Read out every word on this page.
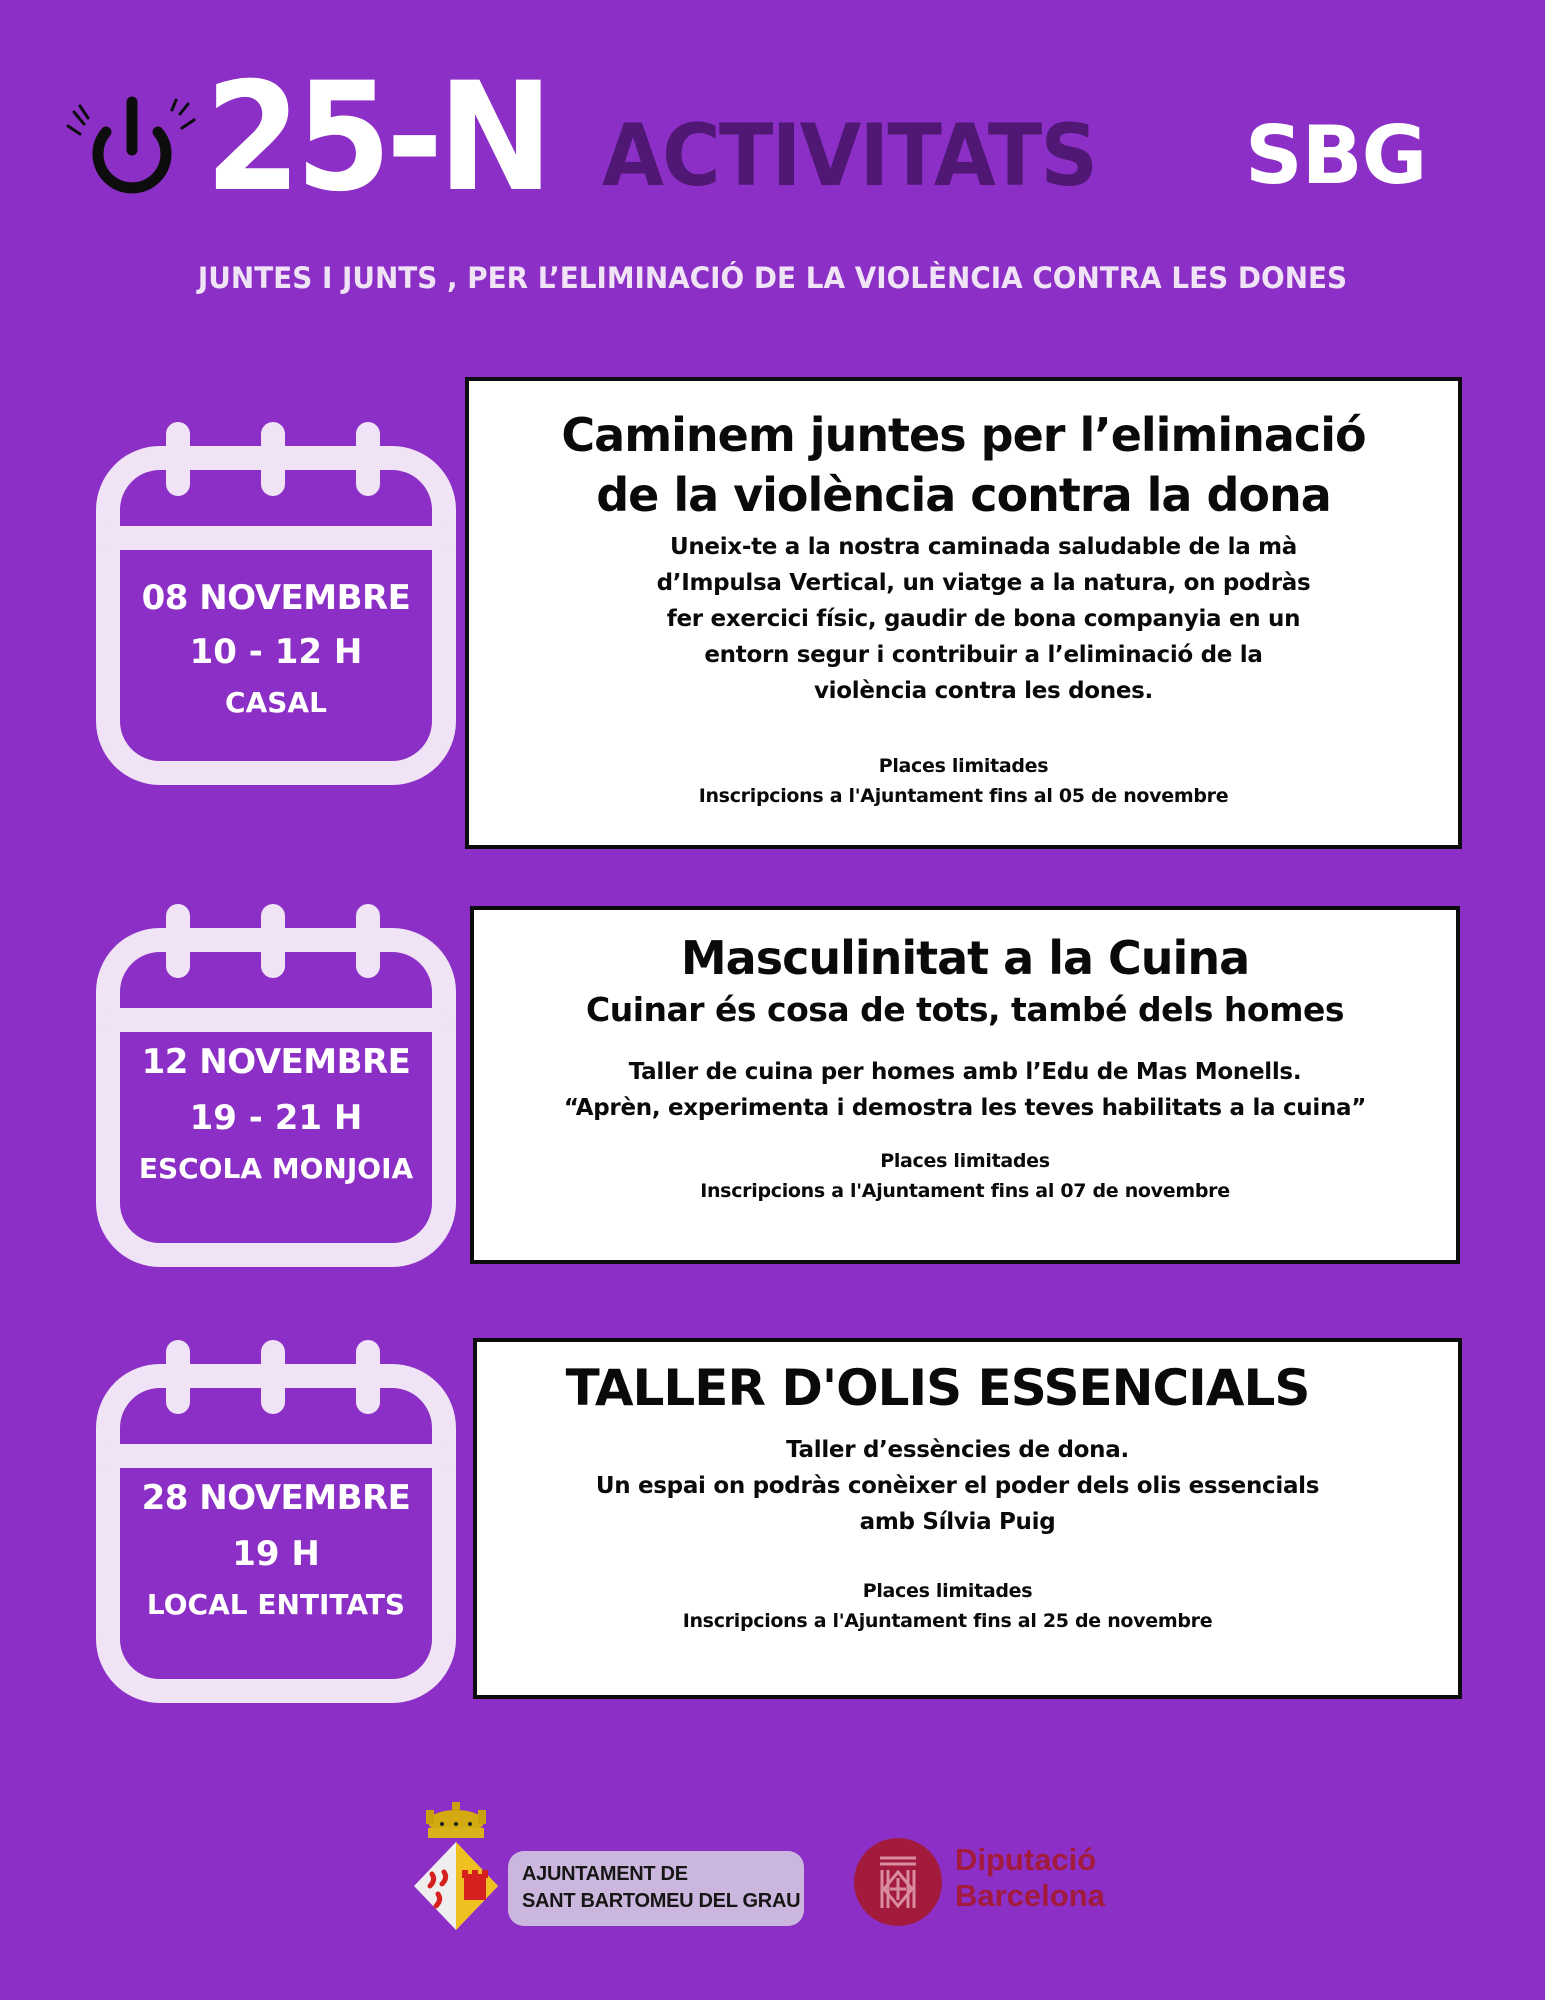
25-N ACTIVITATS SBG
JUNTES I JUNTS , PER L’ELIMINACIÓ DE LA VIOLÈNCIA CONTRA LES DONES
08 NOVEMBRE
10 - 12 H
CASAL
Caminem juntes per l’eliminació
de la violència contra la dona
Uneix-te a la nostra caminada saludable de la mà
d’Impulsa Vertical, un viatge a la natura, on podràs
fer exercici físic, gaudir de bona companyia en un
entorn segur i contribuir a l’eliminació de la
violència contra les dones.
Places limitades
Inscripcions a l'Ajuntament fins al 05 de novembre
12 NOVEMBRE
19 - 21 H
ESCOLA MONJOIA
Masculinitat a la Cuina
Cuinar és cosa de tots, també dels homes
Taller de cuina per homes amb l’Edu de Mas Monells.
“Aprèn, experimenta i demostra les teves habilitats a la cuina”
Places limitades
Inscripcions a l'Ajuntament fins al 07 de novembre
28 NOVEMBRE
19 H
LOCAL ENTITATS
TALLER D'OLIS ESSENCIALS
Taller d’essències de dona.
Un espai on podràs conèixer el poder dels olis essencials
amb Sílvia Puig
Places limitades
Inscripcions a l'Ajuntament fins al 25 de novembre
AJUNTAMENT DE
SANT BARTOMEU DEL GRAU
Diputació
Barcelona
